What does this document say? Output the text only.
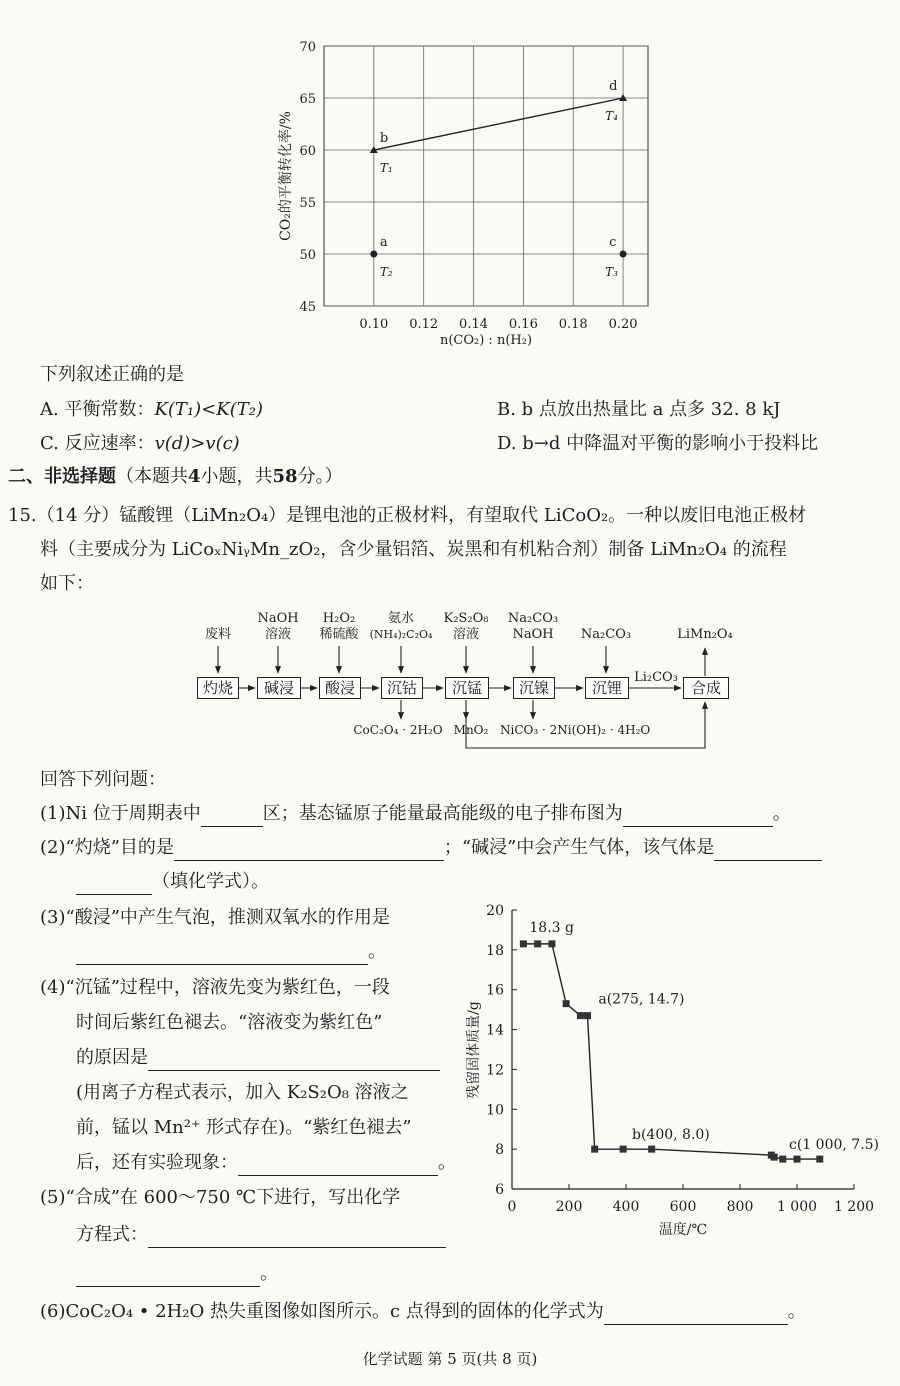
0.10 0.12 0.14 0.16 0.18 0.20
45
50
55
60
65
70
a
T₂
b
T₁
c
T₃
d
T₄
n(CO₂) : n(H₂)
CO₂的平衡转化率/%
下列叙述正确的是
A. 平衡常数：K(T₁)<K(T₂)	B. b 点放出热量比 a 点多 32. 8 kJ
C. 反应速率：v(d)>v(c)	D. b→d 中降温对平衡的影响小于投料比
二、非选择题（本题共4小题，共58分。）
15.（14 分）锰酸锂（LiMn₂O₄）是锂电池的正极材料，有望取代 LiCoO₂。一种以废旧电池正极材
料（主要成分为 LiCoₓNiᵧMn_zO₂，含少量铝箔、炭黑和有机粘合剂）制备 LiMn₂O₄ 的流程
如下：
灼烧	碱浸	酸浸	沉钴	沉锰	沉镍	沉锂	合成
废料
NaOH
溶液
H₂O₂
稀硫酸
氨水
(NH₄)₂C₂O₄
K₂S₂O₈
溶液
Na₂CO₃
NaOH	Na₂CO₃
Li₂CO₃
LiMn₂O₄
CoC₂O₄ · 2H₂O MnO₂ NiCO₃ · 2Ni(OH)₂ · 4H₂O
回答下列问题：
(1)Ni 位于周期表中	区；基态锰原子能量最高能级的电子排布图为	。
(2)“灼烧”目的是	；“碱浸”中会产生气体，该气体是
（填化学式）。
(3)“酸浸”中产生气泡，推测双氧水的作用是
。
(4)“沉锰”过程中，溶液先变为紫红色，一段
时间后紫红色褪去。“溶液变为紫红色”
的原因是
(用离子方程式表示，加入 K₂S₂O₈ 溶液之
前，锰以 Mn²⁺ 形式存在)。“紫红色褪去”
后，还有实验现象：	。
(5)“合成”在 600～750 ℃下进行，写出化学
方程式：
。
(6)CoC₂O₄ • 2H₂O 热失重图像如图所示。c 点得到的固体的化学式为	。
0	200 400 600 800 1 000 1 200
6
8
10
12
14
16
18
20
18.3 g
a(275, 14.7)
b(400, 8.0)
c(1 000, 7.5)
温度/℃
残留固体质量/g
化学试题 第 5 页(共 8 页)
